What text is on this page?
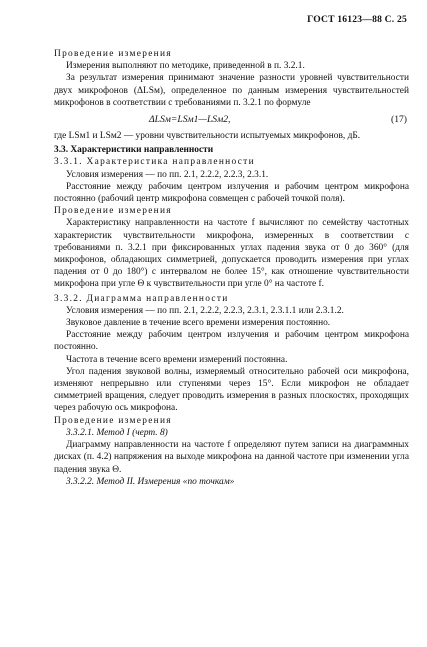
ГОСТ 16123—88 С. 25

Проведение измерения

Измерения выполняют по методике, приведенной в п. 3.2.1.

За результат измерения принимают значение разности уровней чувствительности двух микрофонов (ΔLSм), определенное по данным измерения чувствительностей микрофонов в соответствии с требованиями п. 3.2.1 по формуле

ΔLSм=LSм1—LSм2,	(17)

где LSм1 и LSм2 — уровни чувствительности испытуемых микрофонов, дБ.

3.3. Характеристики направленности

3.3.1. Характеристика направленности

Условия измерения — по пп. 2.1, 2.2.2, 2.2.3, 2.3.1.

Расстояние между рабочим центром излучения и рабочим центром микрофона постоянно (рабочий центр микрофона совмещен с рабочей точкой поля).

Проведение измерения

Характеристику направленности на частоте f вычисляют по семейству частотных характеристик чувствительности микрофона, измеренных в соответствии с требованиями п. 3.2.1 при фиксированных углах падения звука от 0 до 360° (для микрофонов, обладающих симметрией, допускается проводить измерения при углах падения от 0 до 180°) с интервалом не более 15°, как отношение чувствительности микрофона при угле Θ к чувствительности при угле 0° на частоте f.

3.3.2. Диаграмма направленности

Условия измерения — по пп. 2.1, 2.2.2, 2.2.3, 2.3.1, 2.3.1.1 или 2.3.1.2.

Звуковое давление в течение всего времени измерения постоянно.

Расстояние между рабочим центром излучения и рабочим центром микрофона постоянно.

Частота в течение всего времени измерений постоянна.

Угол падения звуковой волны, измеряемый относительно рабочей оси микрофона, изменяют непрерывно или ступенями через 15°. Если микрофон не обладает симметрией вращения, следует проводить измерения в разных плоскостях, проходящих через рабочую ось микрофона.

Проведение измерения

3.3.2.1. Метод I (черт. 8)

Диаграмму направленности на частоте f определяют путем записи на диаграммных дисках (п. 4.2) напряжения на выходе микрофона на данной частоте при изменении угла падения звука Θ.

3.3.2.2. Метод II. Измерения «по точкам»
